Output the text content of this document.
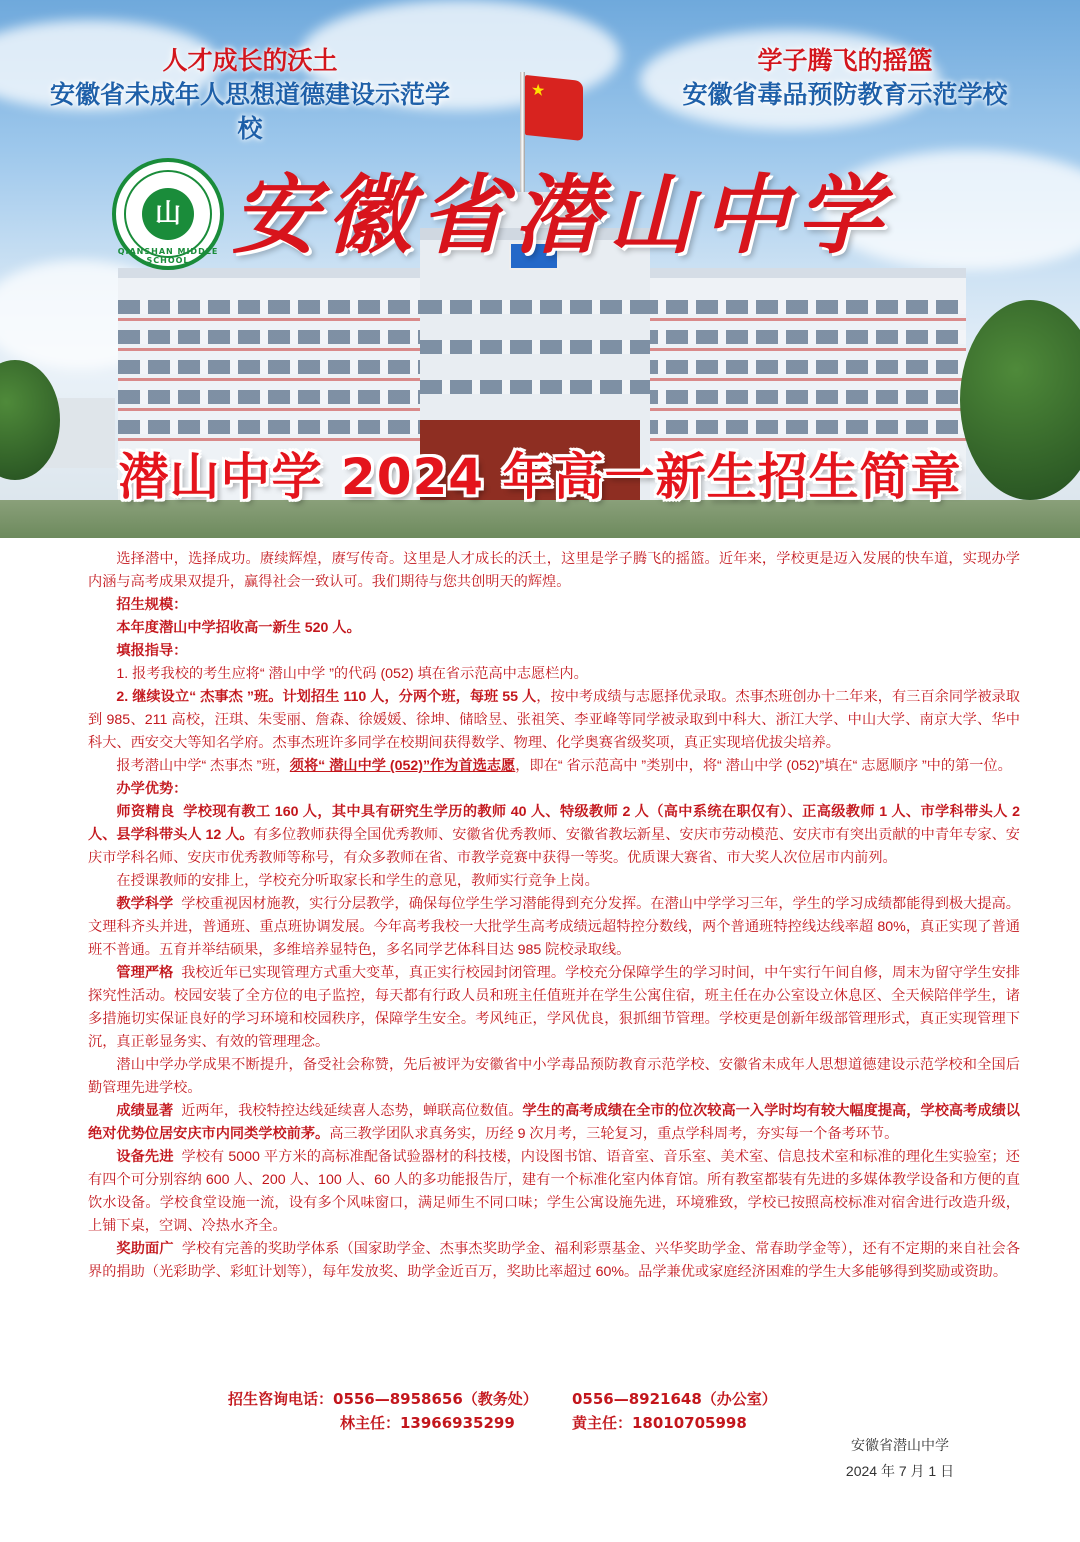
人才成长的沃土
安徽省未成年人思想道德建设示范学校
学子腾飞的摇篮
安徽省毒品预防教育示范学校
★
山
QIANSHAN MIDDLE SCHOOL 安徽省潜山中学
潜山中学 2024 年高一新生招生简章

选择潜中，选择成功。赓续辉煌，赓写传奇。这里是人才成长的沃土，这里是学子腾飞的摇篮。近年来，学校更是迈入发展的快车道，实现办学内涵与高考成果双提升，赢得社会一致认可。我们期待与您共创明天的辉煌。

招生规模：

本年度潜山中学招收高一新生 520 人。

填报指导：

1. 报考我校的考生应将“ 潜山中学 ”的代码 (052) 填在省示范高中志愿栏内。

2. 继续设立“ 杰事杰 ”班。计划招生 110 人，分两个班，每班 55 人，按中考成绩与志愿择优录取。杰事杰班创办十二年来，有三百余同学被录取到 985、211 高校，汪琪、朱雯丽、詹森、徐媛媛、徐坤、储晗昱、张祖笑、李亚峰等同学被录取到中科大、浙江大学、中山大学、南京大学、华中科大、西安交大等知名学府。杰事杰班许多同学在校期间获得数学、物理、化学奥赛省级奖项，真正实现培优拔尖培养。

报考潜山中学“ 杰事杰 ”班，须将“ 潜山中学 (052)”作为首选志愿，即在“ 省示范高中 ”类别中，将“ 潜山中学 (052)”填在“ 志愿顺序 ”中的第一位。

办学优势：

师资精良 学校现有教工 160 人，其中具有研究生学历的教师 40 人、特级教师 2 人（高中系统在职仅有）、正高级教师 1 人、市学科带头人 2 人、县学科带头人 12 人。有多位教师获得全国优秀教师、安徽省优秀教师、安徽省教坛新星、安庆市劳动模范、安庆市有突出贡献的中青年专家、安庆市学科名师、安庆市优秀教师等称号，有众多教师在省、市教学竞赛中获得一等奖。优质课大赛省、市大奖人次位居市内前列。

在授课教师的安排上，学校充分听取家长和学生的意见，教师实行竞争上岗。

教学科学 学校重视因材施教，实行分层教学，确保每位学生学习潜能得到充分发挥。在潜山中学学习三年，学生的学习成绩都能得到极大提高。文理科齐头并进，普通班、重点班协调发展。今年高考我校一大批学生高考成绩远超特控分数线，两个普通班特控线达线率超 80%，真正实现了普通班不普通。五育并举结硕果，多维培养显特色，多名同学艺体科目达 985 院校录取线。

管理严格 我校近年已实现管理方式重大变革，真正实行校园封闭管理。学校充分保障学生的学习时间，中午实行午间自修，周末为留守学生安排探究性活动。校园安装了全方位的电子监控，每天都有行政人员和班主任值班并在学生公寓住宿，班主任在办公室设立休息区、全天候陪伴学生，诸多措施切实保证良好的学习环境和校园秩序，保障学生安全。考风纯正，学风优良，狠抓细节管理。学校更是创新年级部管理形式，真正实现管理下沉，真正彰显务实、有效的管理理念。

潜山中学办学成果不断提升，备受社会称赞，先后被评为安徽省中小学毒品预防教育示范学校、安徽省未成年人思想道德建设示范学校和全国后勤管理先进学校。

成绩显著 近两年，我校特控达线延续喜人态势，蝉联高位数值。学生的高考成绩在全市的位次较高一入学时均有较大幅度提高，学校高考成绩以绝对优势位居安庆市内同类学校前茅。高三教学团队求真务实，历经 9 次月考，三轮复习，重点学科周考，夯实每一个备考环节。

设备先进 学校有 5000 平方米的高标准配备试验器材的科技楼，内设图书馆、语音室、音乐室、美术室、信息技术室和标准的理化生实验室；还有四个可分别容纳 600 人、200 人、100 人、60 人的多功能报告厅，建有一个标准化室内体育馆。所有教室都装有先进的多媒体教学设备和方便的直饮水设备。学校食堂设施一流，设有多个风味窗口，满足师生不同口味；学生公寓设施先进，环境雅致，学校已按照高校标准对宿舍进行改造升级，上铺下桌，空调、冷热水齐全。

奖助面广 学校有完善的奖助学体系（国家助学金、杰事杰奖助学金、福利彩票基金、兴华奖助学金、常春助学金等），还有不定期的来自社会各界的捐助（光彩助学、彩虹计划等），每年发放奖、助学金近百万，奖助比率超过 60%。品学兼优或家庭经济困难的学生大多能够得到奖励或资助。

招生咨询电话：0556—8958656（教务处） 0556—8921648（办公室）
林主任：13966935299	黄主任：18010705998
安徽省潜山中学
2024 年 7 月 1 日
